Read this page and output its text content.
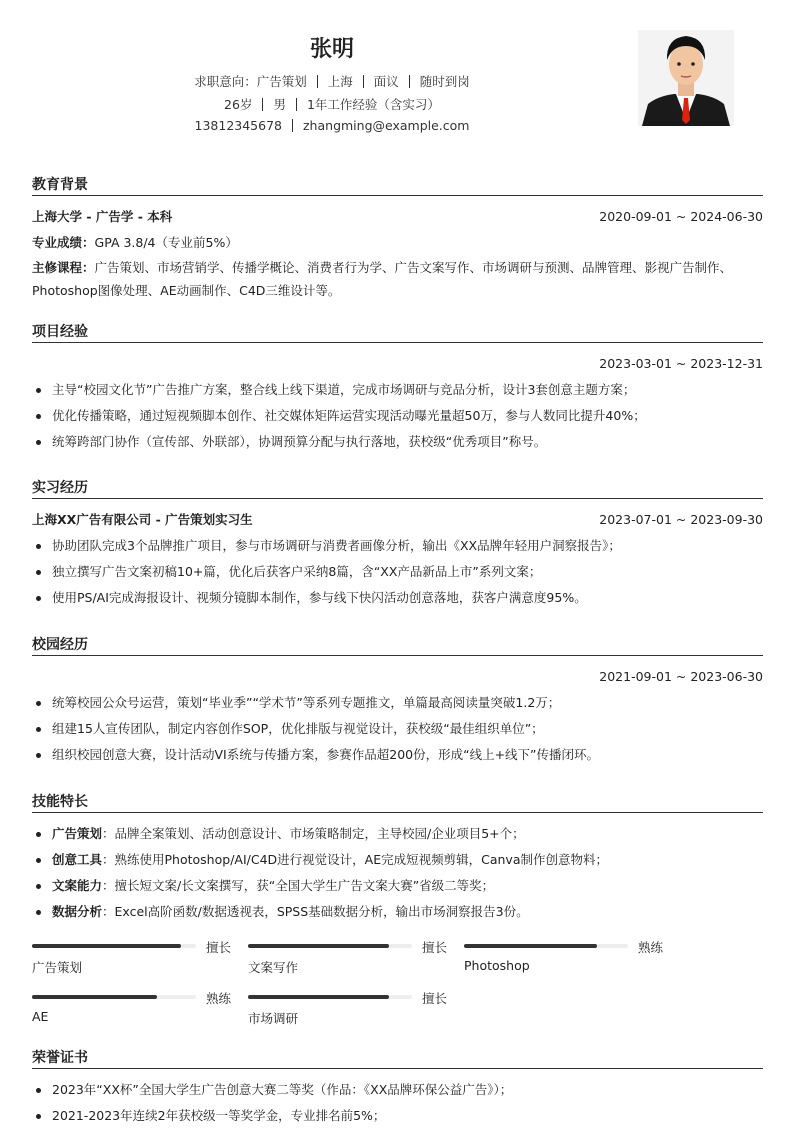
张明
求职意向：广告策划 上海 面议 随时到岗
26岁 男 1年工作经验（含实习）
13812345678 zhangming@example.com
教育背景
上海大学 - 广告学 - 本科	2020-09-01 ~ 2024-06-30
专业成绩：GPA 3.8/4（专业前5%）
主修课程：广告策划、市场营销学、传播学概论、消费者行为学、广告文案写作、市场调研与预测、品牌管理、影视广告制作、Photoshop图像处理、AE动画制作、C4D三维设计等。
项目经验
2023-03-01 ~ 2023-12-31
主导“校园文化节”广告推广方案，整合线上线下渠道，完成市场调研与竞品分析，设计3套创意主题方案；
优化传播策略，通过短视频脚本创作、社交媒体矩阵运营实现活动曝光量超50万，参与人数同比提升40%；
统筹跨部门协作（宣传部、外联部），协调预算分配与执行落地，获校级“优秀项目”称号。
实习经历
上海XX广告有限公司 - 广告策划实习生	2023-07-01 ~ 2023-09-30
协助团队完成3个品牌推广项目，参与市场调研与消费者画像分析，输出《XX品牌年轻用户洞察报告》；
独立撰写广告文案初稿10+篇，优化后获客户采纳8篇，含“XX产品新品上市”系列文案；
使用PS/AI完成海报设计、视频分镜脚本制作，参与线下快闪活动创意落地，获客户满意度95%。
校园经历
2021-09-01 ~ 2023-06-30
统筹校园公众号运营，策划“毕业季”“学术节”等系列专题推文，单篇最高阅读量突破1.2万；
组建15人宣传团队，制定内容创作SOP，优化排版与视觉设计，获校级“最佳组织单位”；
组织校园创意大赛，设计活动VI系统与传播方案，参赛作品超200份，形成“线上+线下”传播闭环。
技能特长
广告策划：品牌全案策划、活动创意设计、市场策略制定，主导校园/企业项目5+个；
创意工具：熟练使用Photoshop/AI/C4D进行视觉设计，AE完成短视频剪辑，Canva制作创意物料；
文案能力：擅长短文案/长文案撰写，获“全国大学生广告文案大赛”省级二等奖；
数据分析：Excel高阶函数/数据透视表，SPSS基础数据分析，输出市场洞察报告3份。
擅长
广告策划
擅长
文案写作
熟练
Photoshop
熟练
AE
擅长
市场调研
荣誉证书
2023年“XX杯”全国大学生广告创意大赛二等奖（作品：《XX品牌环保公益广告》）；
2021-2023年连续2年获校级一等奖学金，专业排名前5%；
